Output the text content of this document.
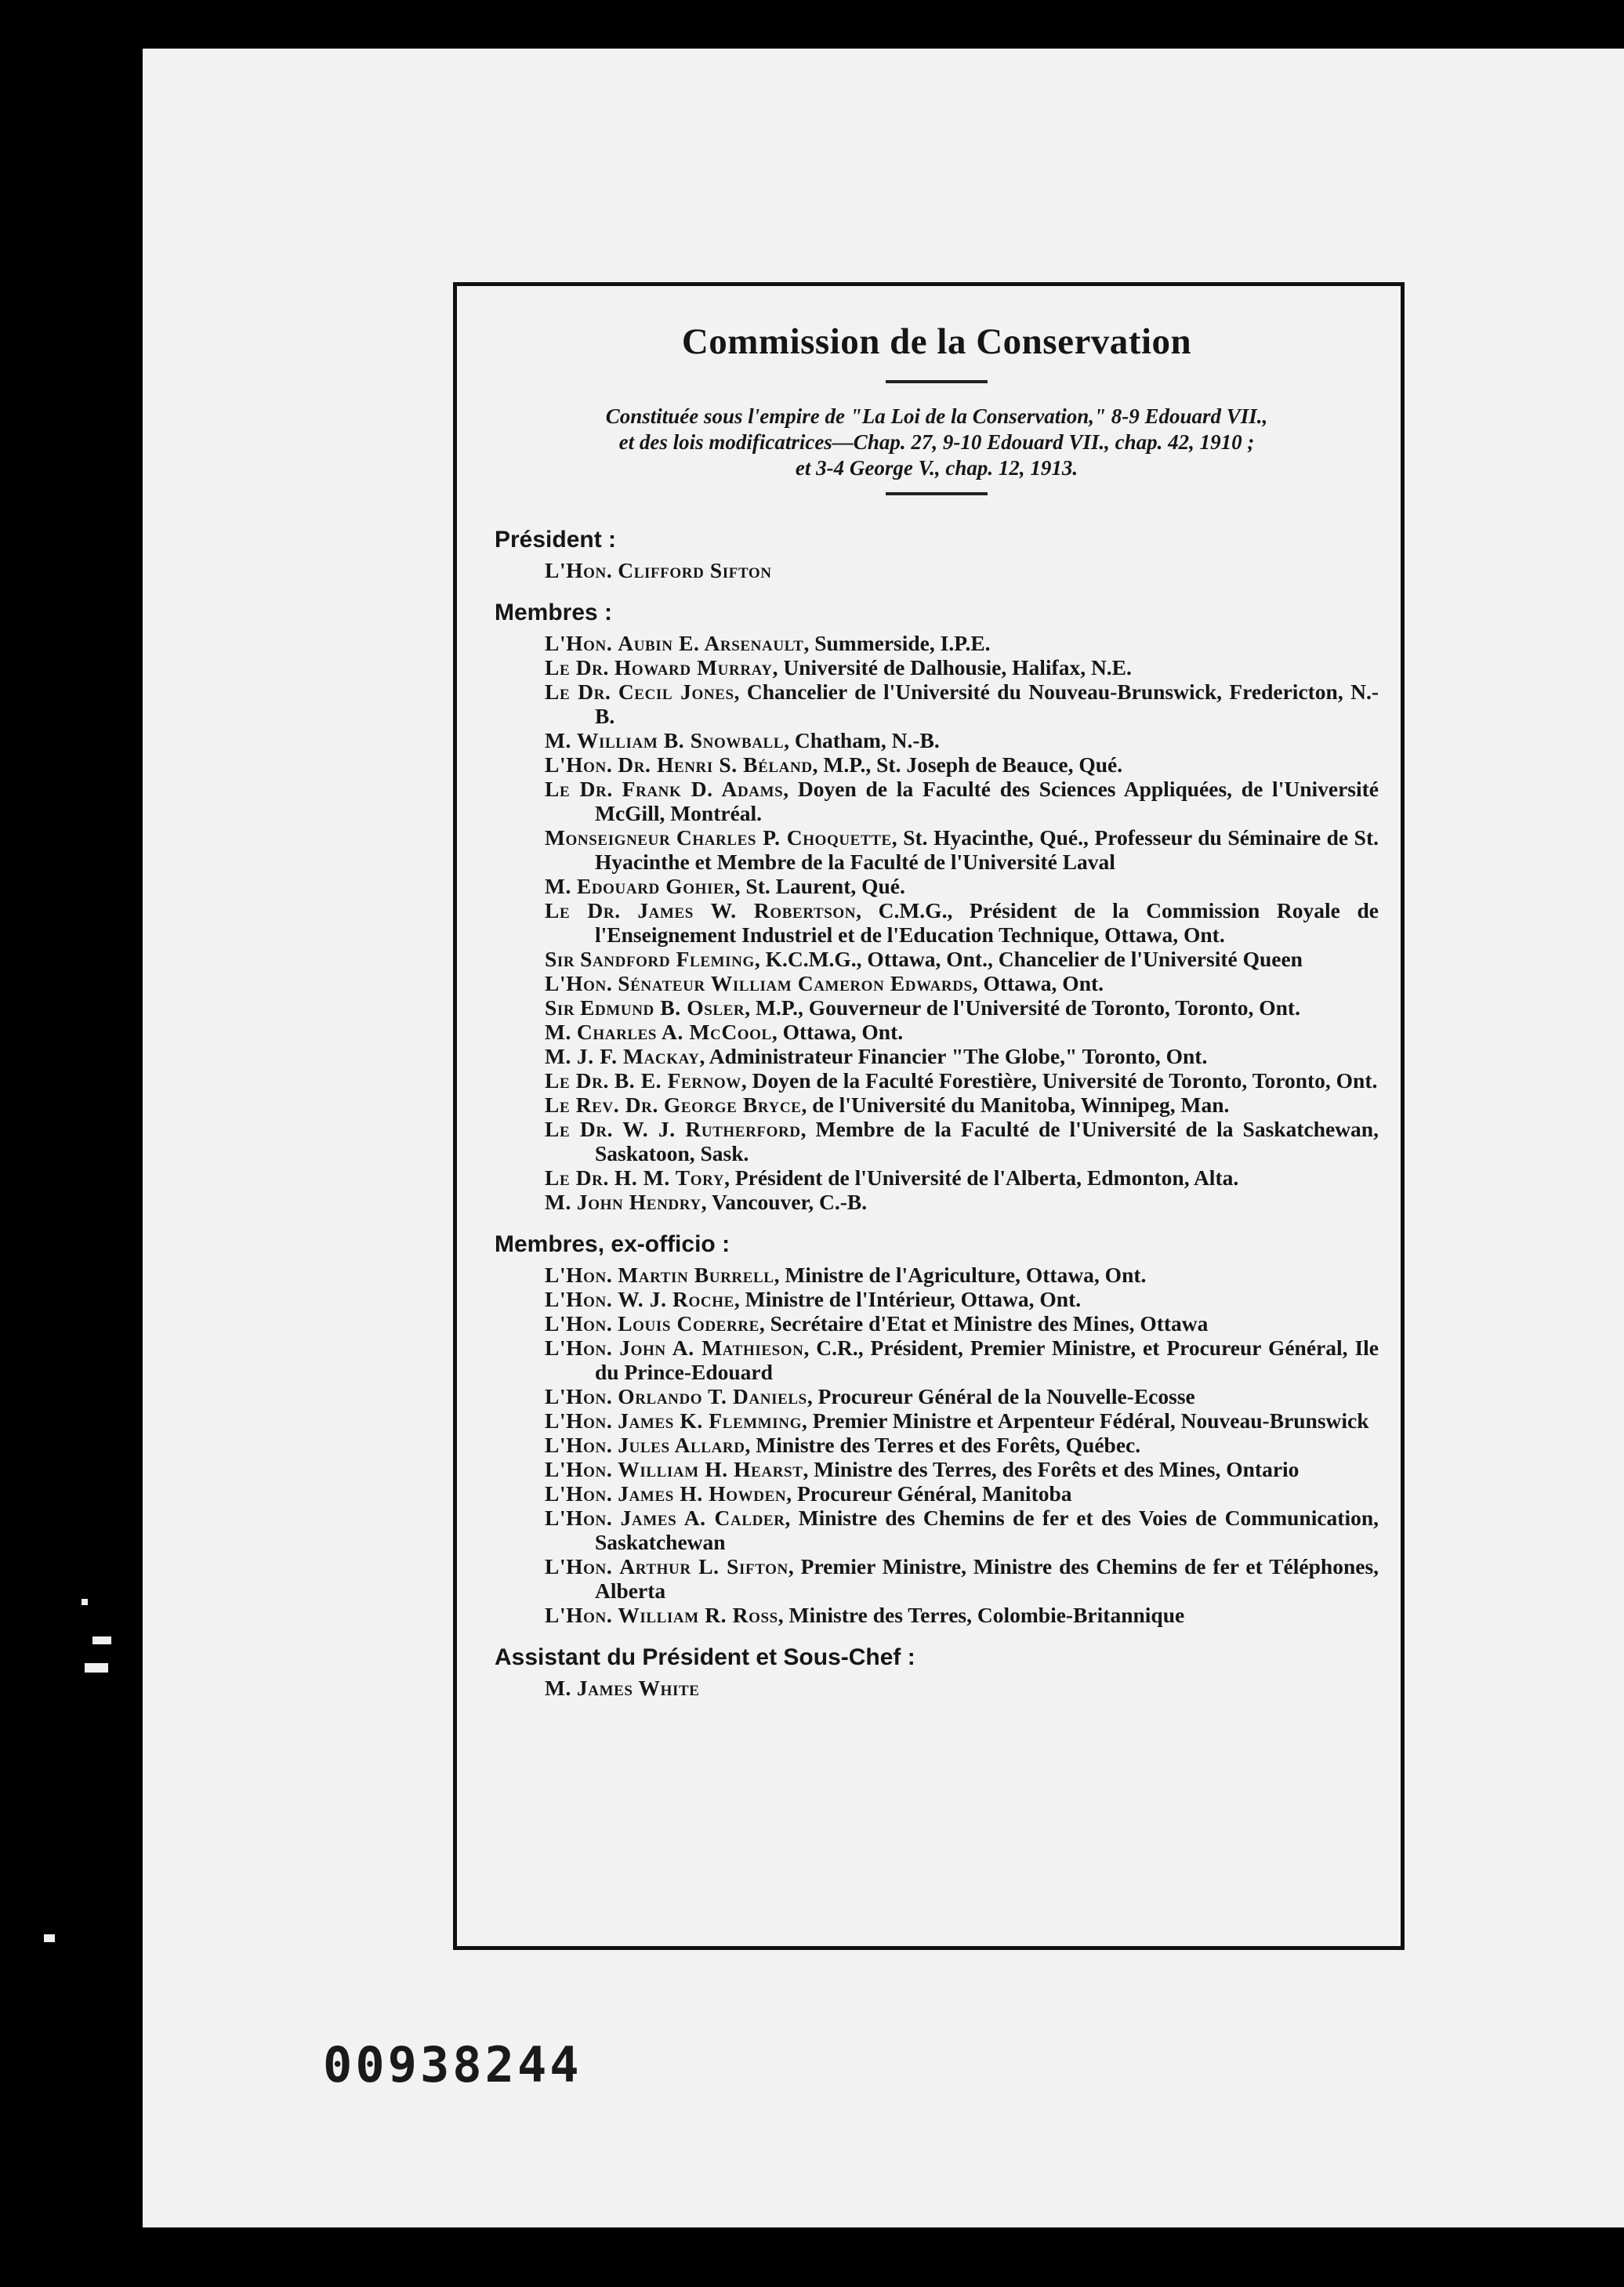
Commission de la Conservation
Constituée sous l'empire de "La Loi de la Conservation," 8-9 Edouard VII.,
et des lois modificatrices—Chap. 27, 9-10 Edouard VII., chap. 42, 1910 ;
et 3-4 George V., chap. 12, 1913.
Président :
L'Hon. Clifford Sifton
Membres :
L'Hon. Aubin E. Arsenault, Summerside, I.P.E.
Le Dr. Howard Murray, Université de Dalhousie, Halifax, N.E.
Le Dr. Cecil Jones, Chancelier de l'Université du Nouveau-Brunswick, Fredericton, N.-B.
M. William B. Snowball, Chatham, N.-B.
L'Hon. Dr. Henri S. Béland, M.P., St. Joseph de Beauce, Qué.
Le Dr. Frank D. Adams, Doyen de la Faculté des Sciences Appliquées, de l'Université McGill, Montréal.
Monseigneur Charles P. Choquette, St. Hyacinthe, Qué., Professeur du Séminaire de St. Hyacinthe et Membre de la Faculté de l'Université Laval
M. Edouard Gohier, St. Laurent, Qué.
Le Dr. James W. Robertson, C.M.G., Président de la Commission Royale de l'Enseignement Industriel et de l'Education Technique, Ottawa, Ont.
Sir Sandford Fleming, K.C.M.G., Ottawa, Ont., Chancelier de l'Université Queen
L'Hon. Sénateur William Cameron Edwards, Ottawa, Ont.
Sir Edmund B. Osler, M.P., Gouverneur de l'Université de Toronto, Toronto, Ont.
M. Charles A. McCool, Ottawa, Ont.
M. J. F. Mackay, Administrateur Financier "The Globe," Toronto, Ont.
Le Dr. B. E. Fernow, Doyen de la Faculté Forestière, Université de Toronto, Toronto, Ont.
Le Rev. Dr. George Bryce, de l'Université du Manitoba, Winnipeg, Man.
Le Dr. W. J. Rutherford, Membre de la Faculté de l'Université de la Saskatchewan, Saskatoon, Sask.
Le Dr. H. M. Tory, Président de l'Université de l'Alberta, Edmonton, Alta.
M. John Hendry, Vancouver, C.-B.
Membres, ex-officio :
L'Hon. Martin Burrell, Ministre de l'Agriculture, Ottawa, Ont.
L'Hon. W. J. Roche, Ministre de l'Intérieur, Ottawa, Ont.
L'Hon. Louis Coderre, Secrétaire d'Etat et Ministre des Mines, Ottawa
L'Hon. John A. Mathieson, C.R., Président, Premier Ministre, et Procureur Général, Ile du Prince-Edouard
L'Hon. Orlando T. Daniels, Procureur Général de la Nouvelle-Ecosse
L'Hon. James K. Flemming, Premier Ministre et Arpenteur Fédéral, Nouveau-Brunswick
L'Hon. Jules Allard, Ministre des Terres et des Forêts, Québec.
L'Hon. William H. Hearst, Ministre des Terres, des Forêts et des Mines, Ontario
L'Hon. James H. Howden, Procureur Général, Manitoba
L'Hon. James A. Calder, Ministre des Chemins de fer et des Voies de Communication, Saskatchewan
L'Hon. Arthur L. Sifton, Premier Ministre, Ministre des Chemins de fer et Téléphones, Alberta
L'Hon. William R. Ross, Ministre des Terres, Colombie-Britannique
Assistant du Président et Sous-Chef :
M. James White
00938244
